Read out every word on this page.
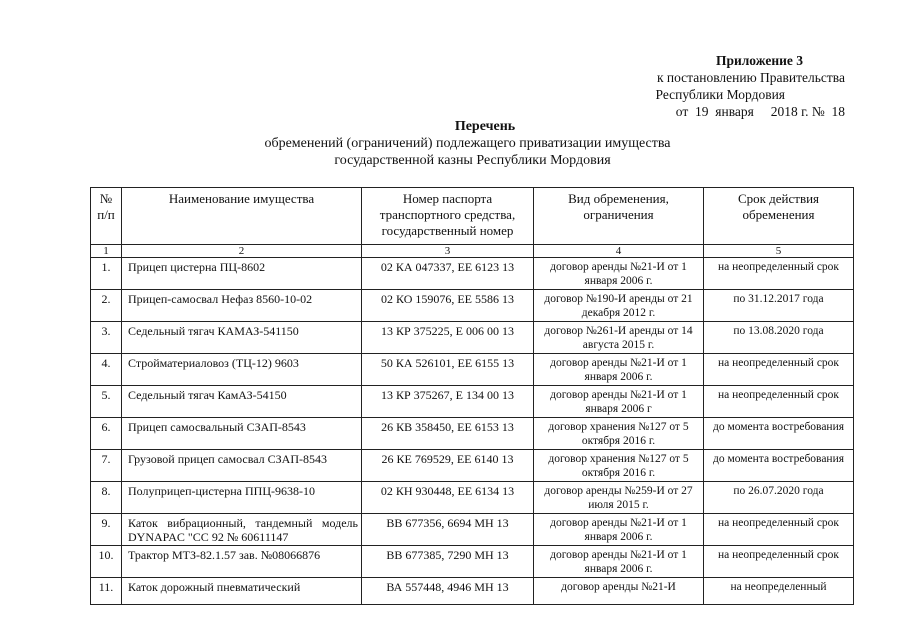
Приложение 3
к постановлению Правительства
Республики Мордовия
от  19  января     2018 г. №  18
Перечень
обременений (ограничений) подлежащего приватизации имущества
государственной казны Республики Мордовия
№ п/п	Наименование имущества	Номер паспорта транспортного средства, государственный номер	Вид обременения, ограничения	Срок действия обременения
1	2	3	4	5
1.	Прицеп цистерна ПЦ-8602	02 КА 047337, ЕЕ 6123 13	договор аренды №21-И от 1 января 2006 г.	на неопределенный срок
2.	Прицеп-самосвал Нефаз 8560-10-02	02 КО 159076, ЕЕ 5586 13	договор №190-И аренды от 21 декабря 2012 г.	по 31.12.2017 года
3.	Седельный тягач КАМАЗ-541150	13 КР 375225, Е 006 00 13	договор №261-И аренды от 14 августа 2015 г.	по 13.08.2020 года
4.	Стройматериаловоз (ТЦ-12) 9603	50 КА 526101, ЕЕ 6155 13	договор аренды №21-И от 1 января 2006 г.	на неопределенный срок
5.	Седельный тягач КамАЗ-54150	13 КР 375267, Е 134 00 13	договор аренды №21-И от 1 января 2006 г	на неопределенный срок
6.	Прицеп самосвальный СЗАП-8543	26 КВ 358450, ЕЕ 6153 13	договор хранения №127 от 5 октября 2016 г.	до момента востребования
7.	Грузовой прицеп самосвал СЗАП-8543	26 КЕ 769529, ЕЕ 6140 13	договор хранения №127 от 5 октября 2016 г.	до момента востребования
8.	Полуприцеп-цистерна ППЦ-9638-10	02 КН 930448, ЕЕ 6134 13	договор аренды №259-И от 27 июля 2015 г.	по 26.07.2020 года
9.	Каток вибрационный, тандемный модель DYNAPAC "CC 92 № 60611147	ВВ 677356, 6694 МН 13	договор аренды №21-И от 1 января 2006 г.	на неопределенный срок
10.	Трактор МТЗ-82.1.57 зав. №08066876	ВВ 677385, 7290 МН 13	договор аренды №21-И от 1 января 2006 г.	на неопределенный срок
11.	Каток дорожный пневматический	ВА 557448, 4946 МН 13	договор аренды №21-И	на неопределенный
